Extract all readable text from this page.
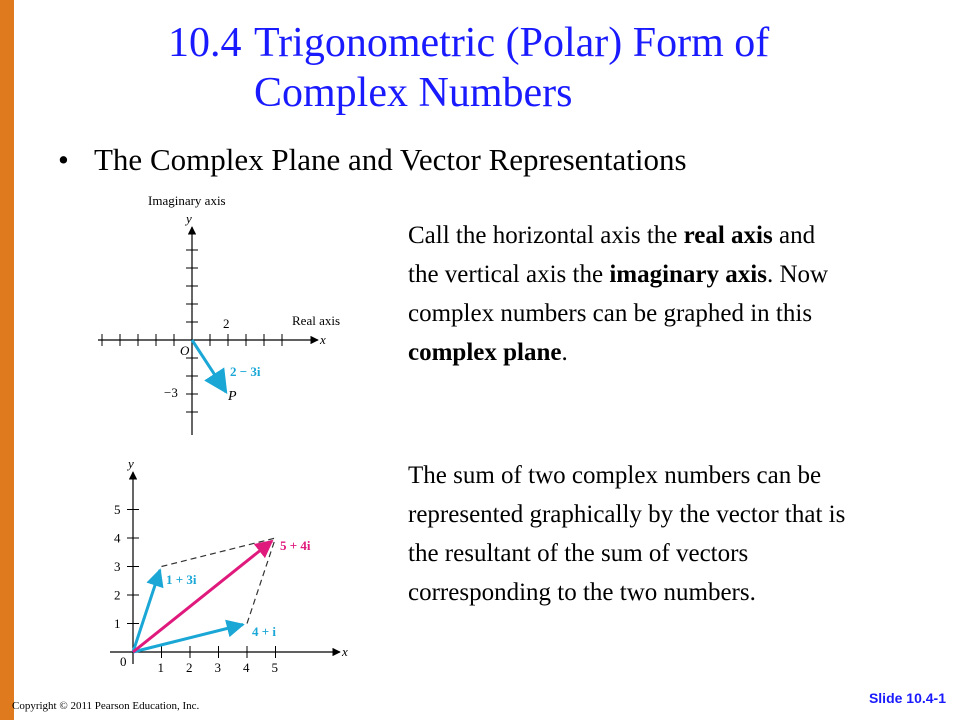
10.4 Trigonometric (Polar) Form of
Complex Numbers
• The Complex Plane and Vector Representations
Imaginary axis
y
Real axis
x
2
O
−3
2 − 3i
P
y
x
0 1 2 3 4 5
1
2
3
4
5
1 + 3i
4 + i
5 + 4i
Call the horizontal axis the real axis and the vertical axis the imaginary axis. Now complex numbers can be graphed in this complex plane.
The sum of two complex numbers can be represented graphically by the vector that is the resultant of the sum of vectors corresponding to the two numbers.
Copyright © 2011 Pearson Education, Inc.	Slide 10.4-1
